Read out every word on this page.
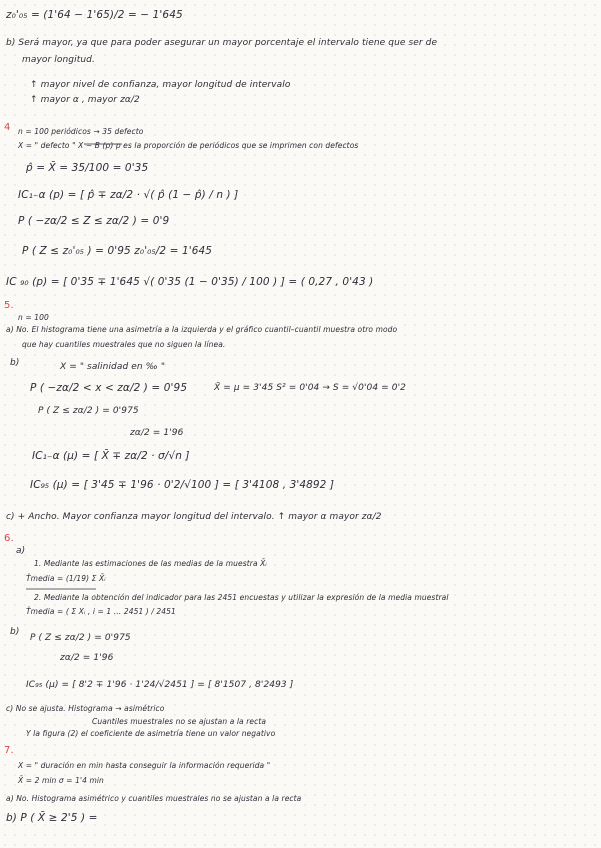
z₀'₀₅ = (1'64 − 1'65)/2 = − 1'645
b) Será mayor, ya que para poder asegurar un mayor porcentaje el intervalo tiene que ser de
mayor longitud.
↑ mayor nivel de confianza, mayor longitud de intervalo
↑ mayor α , mayor zα/2
4 n = 100 periódicos → 35 defecto
X = " defecto " X ~ B (p) p es la proporción de periódicos que se imprimen con defectos
p̂ = X̄ = 35/100 = 0'35
IC₁₋α (p) = [ p̂ ∓ zα/2 · √( p̂ (1 − p̂) / n ) ]
P ( −zα/2 ≤ Z ≤ zα/2 ) = 0'9
P ( Z ≤ z₀'₀₅ ) = 0'95 z₀'₀₅/2 = 1'645
IC ₉₀ (p) = [ 0'35 ∓ 1'645 √( 0'35 (1 − 0'35) / 100 ) ] = ( 0,27 , 0'43 )
5.
n = 100
a) No. El histograma tiene una asimetría a la izquierda y el gráfico cuantil–cuantil muestra otro modo
que hay cuantiles muestrales que no siguen la línea.
b)	X = " salinidad en ‰ "
P ( −zα/2 < x < zα/2 ) = 0'95	X̄ = μ = 3'45 S² = 0'04 → S = √0'04 = 0'2
P ( Z ≤ zα/2 ) = 0'975
zα/2 = 1'96
IC₁₋α (μ) = [ X̄ ∓ zα/2 · σ/√n ]
IC₉₅ (μ) = [ 3'45 ∓ 1'96 · 0'2/√100 ] = [ 3'4108 , 3'4892 ]
c) + Ancho. Mayor confianza mayor longitud del intervalo. ↑ mayor α mayor zα/2
6.
a)
1. Mediante las estimaciones de las medias de la muestra X̄ᵢ
T̂media = (1/19) Σ X̄ᵢ
2. Mediante la obtención del indicador para las 2451 encuestas y utilizar la expresión de la media muestral
T̂media = ( Σ Xᵢ , i = 1 … 2451 ) / 2451
b)
P ( Z ≤ zα/2 ) = 0'975
zα/2 = 1'96
IC₉₅ (μ) = [ 8'2 ∓ 1'96 · 1'24/√2451 ] = [ 8'1507 , 8'2493 ]
c) No se ajusta. Histograma → asimétrico
Cuantiles muestrales no se ajustan a la recta
Y la figura (2) el coeficiente de asimetría tiene un valor negativo
7.
X = " duración en min hasta conseguir la información requerida "
X̄ = 2 min σ = 1'4 min
a) No. Histograma asimétrico y cuantiles muestrales no se ajustan a la recta
b) P ( X̄ ≥ 2'5 ) =
